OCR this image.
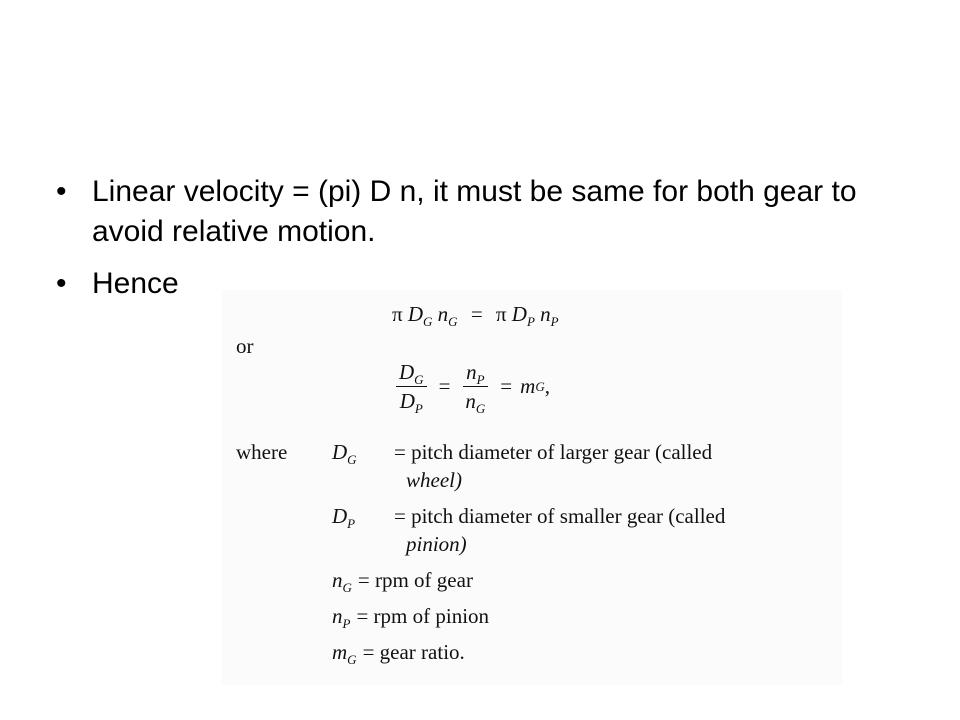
• Linear velocity = (pi) D n, it must be same for both gear to avoid relative motion.
• Hence
π $D_G$ $n_G = \pi$ $D_P$ $n_P$
or
$\frac{D_G}{D_P} = \frac{n_P}{n_G} = m$ G ,
where $D_G$ = pitch diameter of larger gear (called
wheel)
$D_P$ = pitch diameter of smaller gear (called
pinion)
$n_G$ = rpm of gear
$n_P$ = rpm of pinion
$m_G$ = gear ratio.
